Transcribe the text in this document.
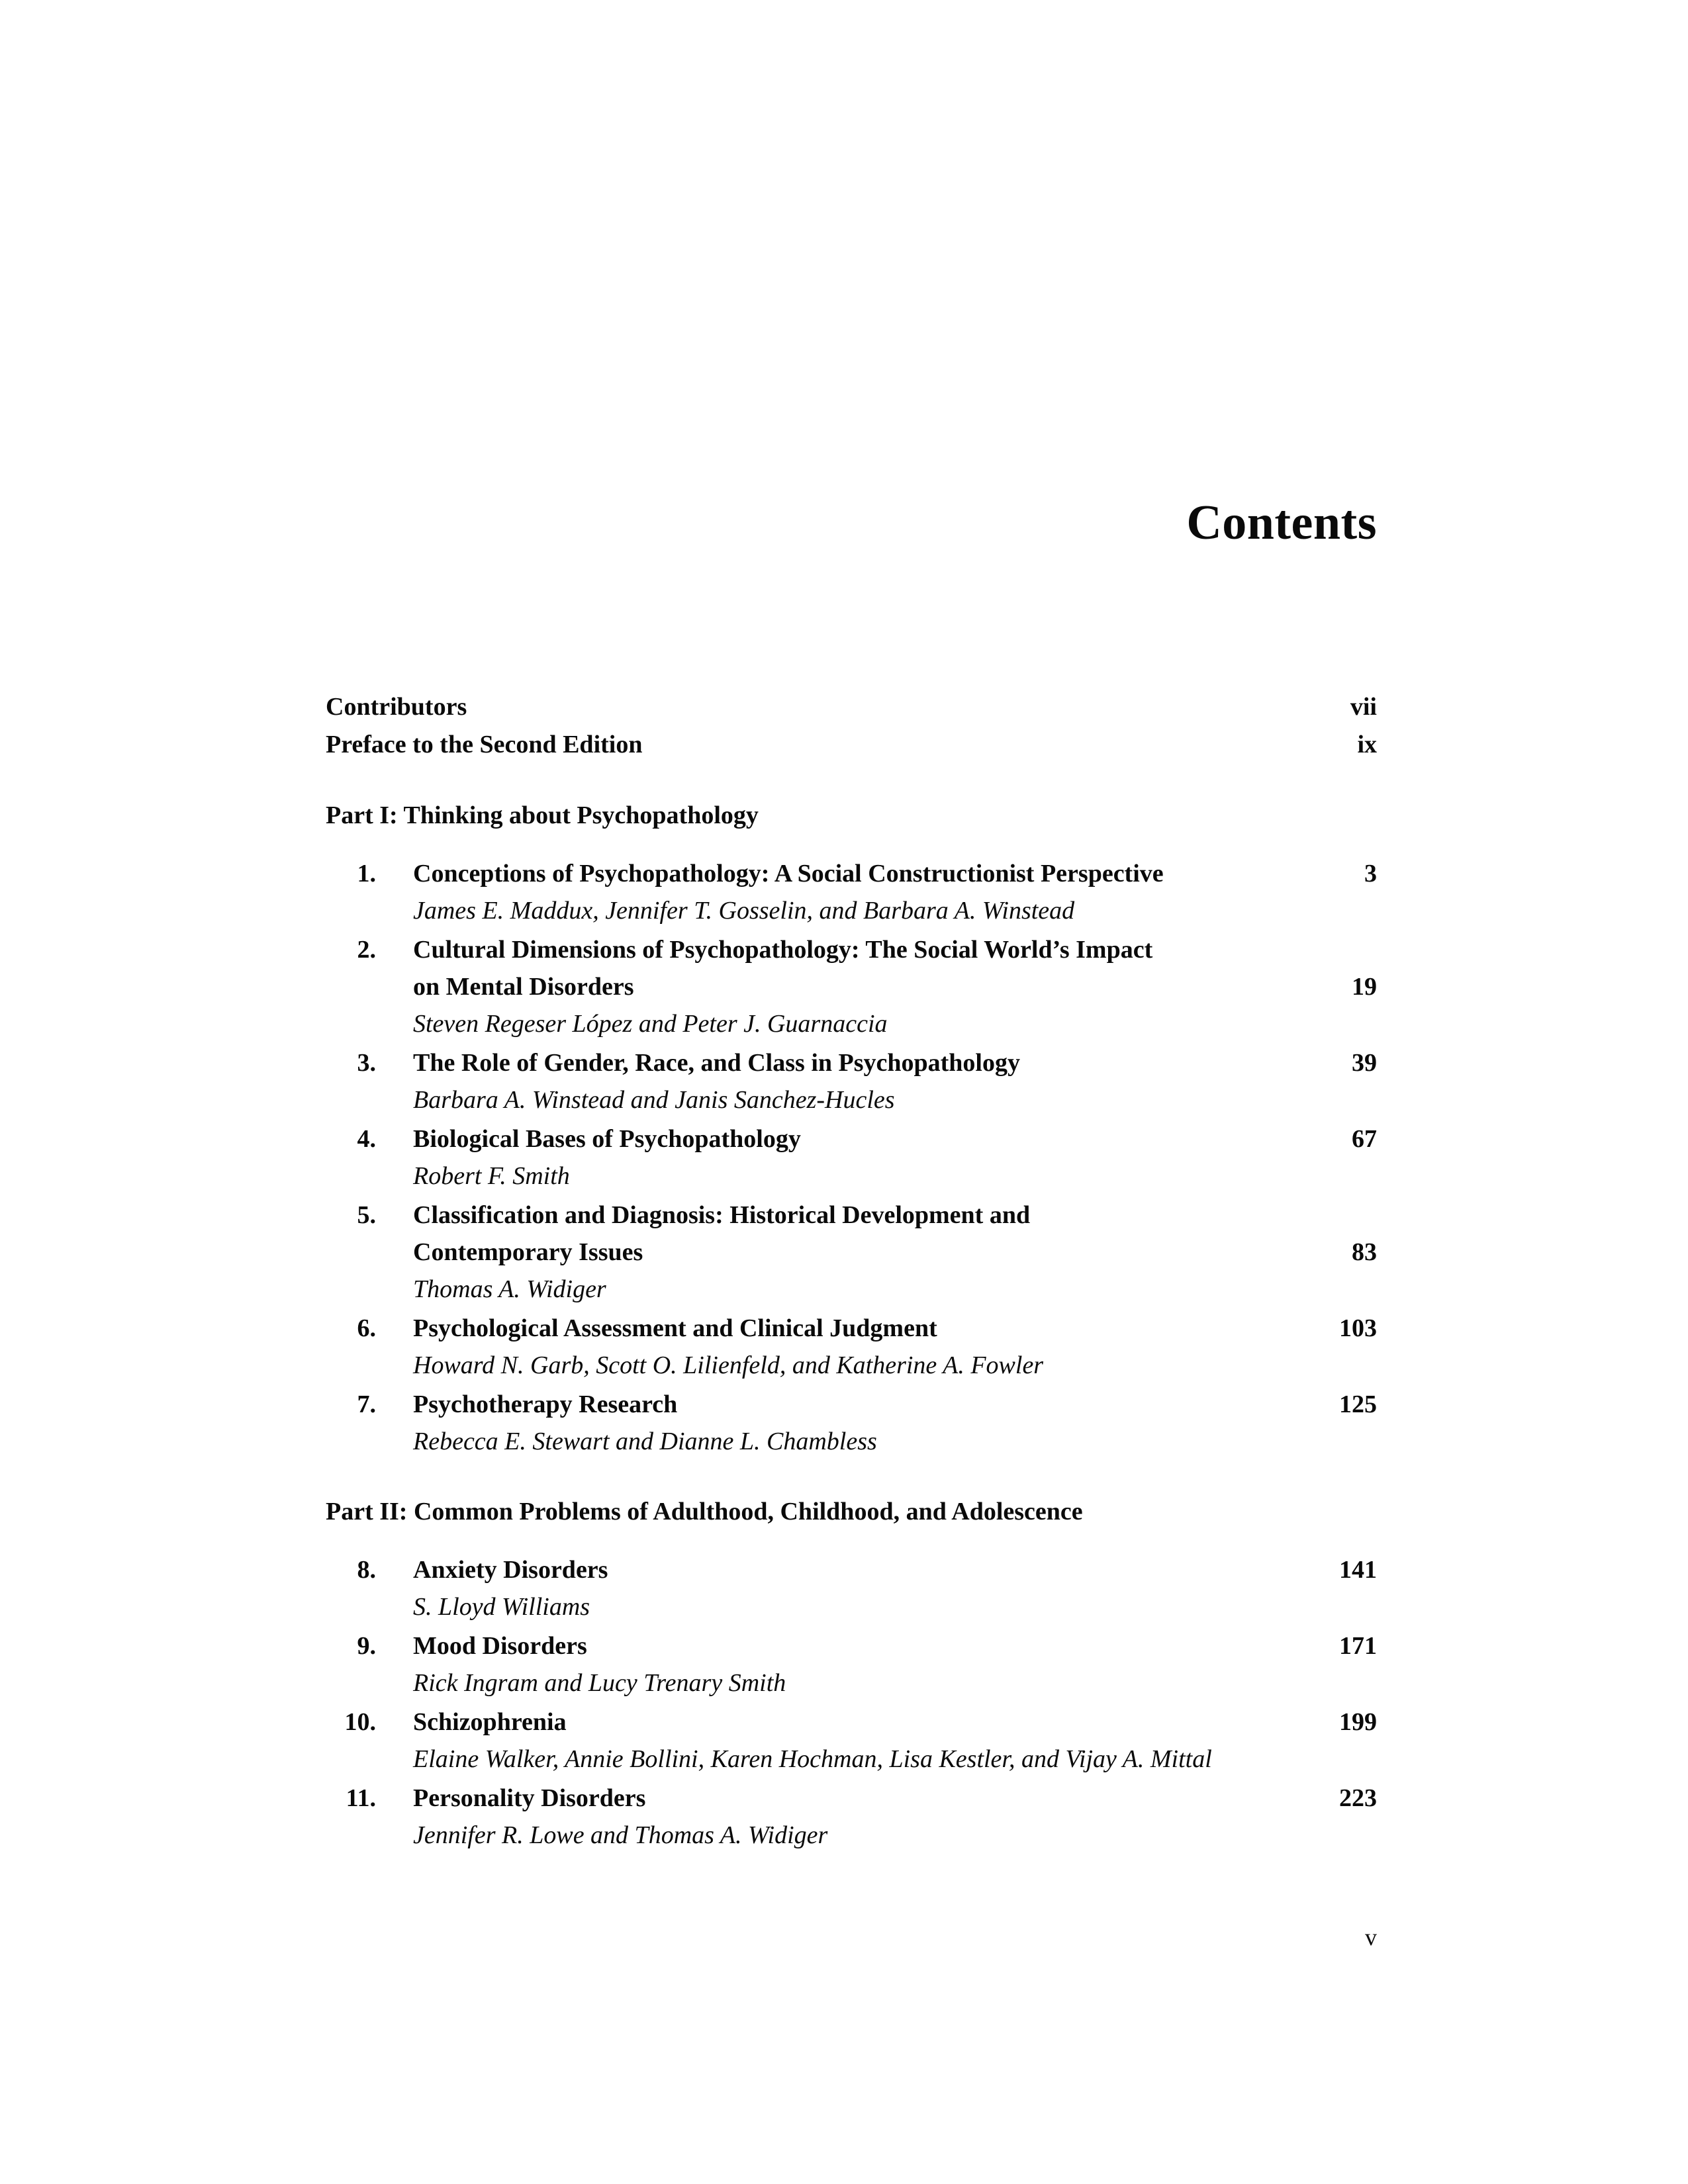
Contents
Contributors	vii
Preface to the Second Edition	ix
Part I: Thinking about Psychopathology
1. Conceptions of Psychopathology: A Social Constructionist Perspective	3
James E. Maddux, Jennifer T. Gosselin, and Barbara A. Winstead
2. Cultural Dimensions of Psychopathology: The Social World’s Impact
on Mental Disorders	19
Steven Regeser López and Peter J. Guarnaccia
3. The Role of Gender, Race, and Class in Psychopathology	39
Barbara A. Winstead and Janis Sanchez-Hucles
4. Biological Bases of Psychopathology	67
Robert F. Smith
5. Classification and Diagnosis: Historical Development and
Contemporary Issues	83
Thomas A. Widiger
6. Psychological Assessment and Clinical Judgment	103
Howard N. Garb, Scott O. Lilienfeld, and Katherine A. Fowler
7. Psychotherapy Research	125
Rebecca E. Stewart and Dianne L. Chambless
Part II: Common Problems of Adulthood, Childhood, and Adolescence
8. Anxiety Disorders	141
S. Lloyd Williams
9. Mood Disorders	171
Rick Ingram and Lucy Trenary Smith
10. Schizophrenia	199
Elaine Walker, Annie Bollini, Karen Hochman, Lisa Kestler, and Vijay A. Mittal
11. Personality Disorders	223
Jennifer R. Lowe and Thomas A. Widiger
v
